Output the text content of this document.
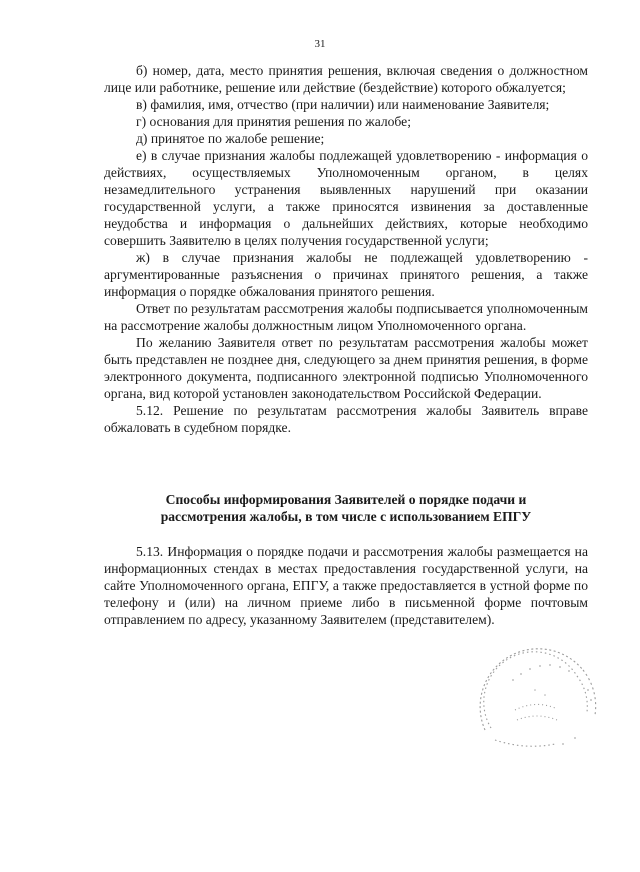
31

б) номер, дата, место принятия решения, включая сведения о должностном лице или работнике, решение или действие (бездействие) которого обжалуется;

в) фамилия, имя, отчество (при наличии) или наименование Заявителя;

г) основания для принятия решения по жалобе;

д) принятое по жалобе решение;

е) в случае признания жалобы подлежащей удовлетворению - информация о действиях, осуществляемых Уполномоченным органом, в целях незамедлительного устранения выявленных нарушений при оказании государственной услуги, а также приносятся извинения за доставленные неудобства и информация о дальнейших действиях, которые необходимо совершить Заявителю в целях получения государственной услуги;

ж) в случае признания жалобы не подлежащей удовлетворению - аргументированные разъяснения о причинах принятого решения, а также информация о порядке обжалования принятого решения.

Ответ по результатам рассмотрения жалобы подписывается уполномоченным на рассмотрение жалобы должностным лицом Уполномоченного органа.

По желанию Заявителя ответ по результатам рассмотрения жалобы может быть представлен не позднее дня, следующего за днем принятия решения, в форме электронного документа, подписанного электронной подписью Уполномоченного органа, вид которой установлен законодательством Российской Федерации.

5.12. Решение по результатам рассмотрения жалобы Заявитель вправе обжаловать в судебном порядке.

Способы информирования Заявителей о порядке подачи и
рассмотрения жалобы, в том числе с использованием ЕПГУ

5.13. Информация о порядке подачи и рассмотрения жалобы размещается на информационных стендах в местах предоставления государственной услуги, на сайте Уполномоченного органа, ЕПГУ, а также предоставляется в устной форме по телефону и (или) на личном приеме либо в письменной форме почтовым отправлением по адресу, указанному Заявителем (представителем).
